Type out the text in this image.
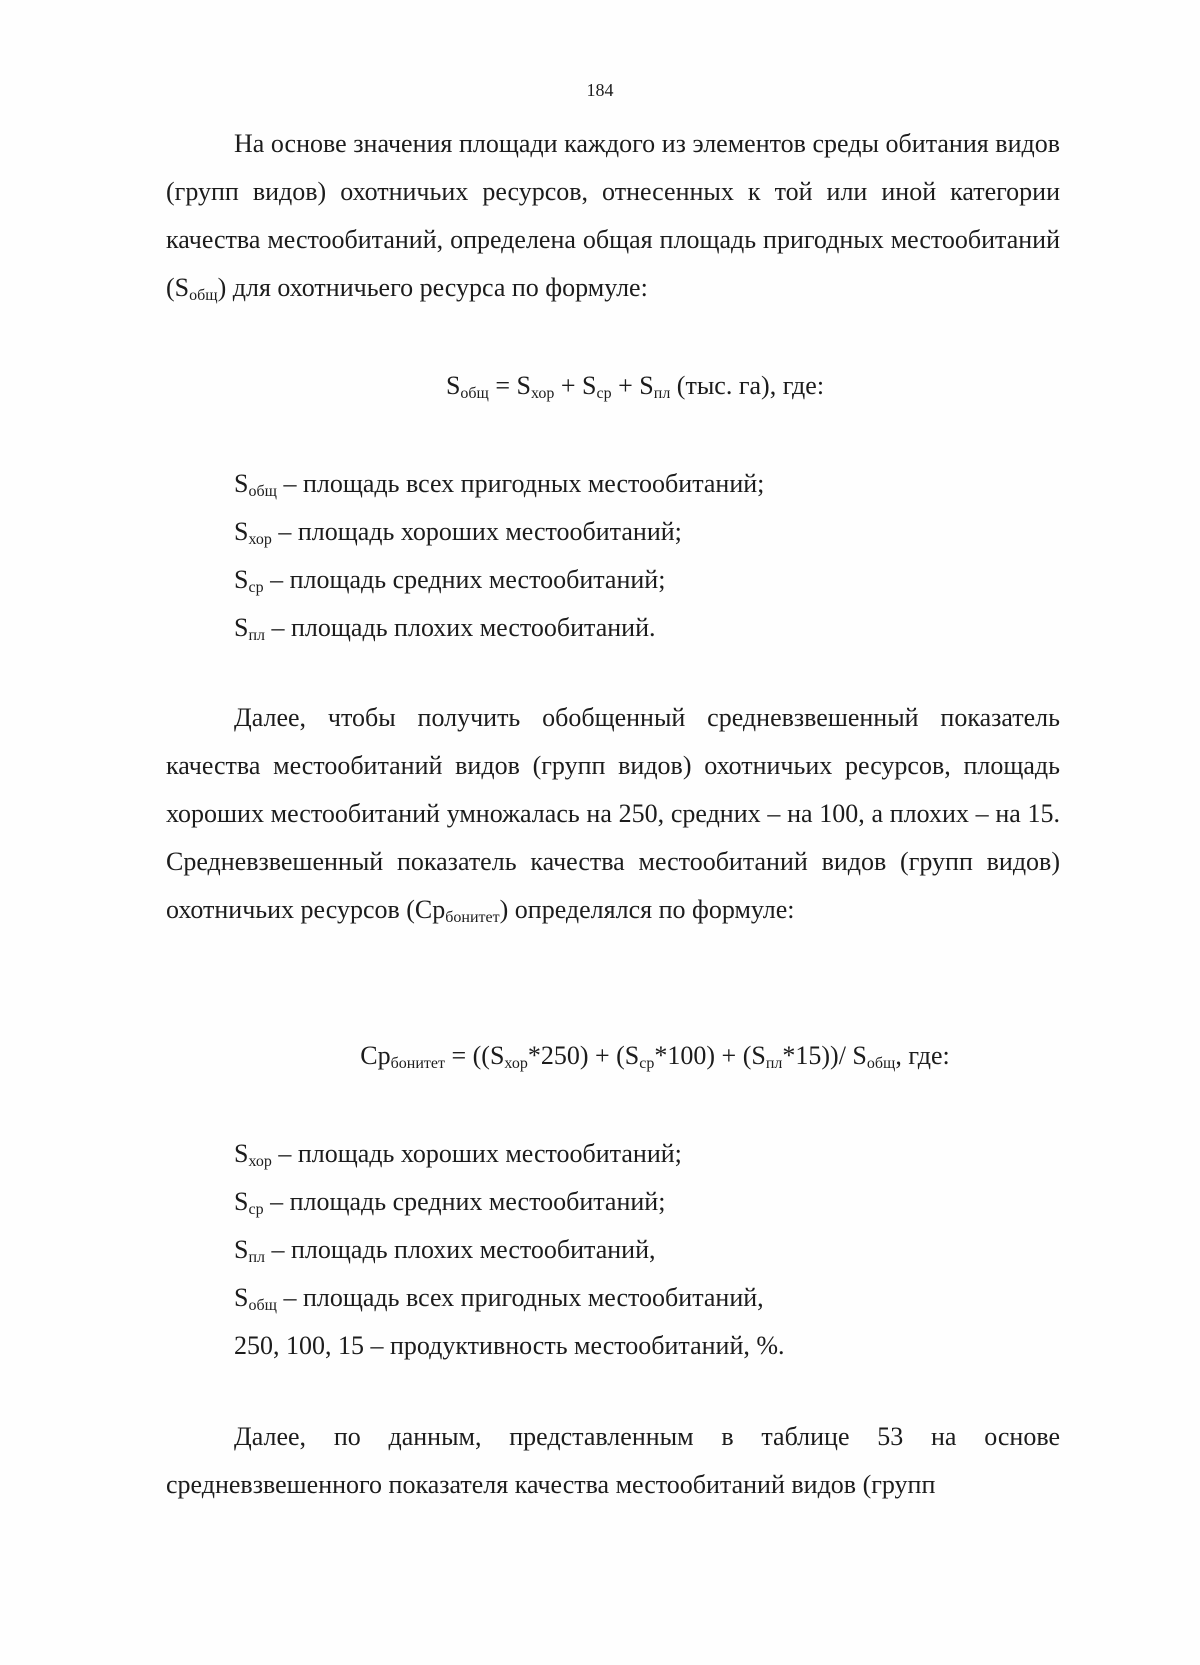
184

На основе значения площади каждого из элементов среды обитания видов (групп видов) охотничьих ресурсов, отнесенных к той или иной категории качества местообитаний, определена общая площадь пригодных местообитаний $(S_{общ})$ для охотничьего ресурса по формуле:

$S_{общ} = S_{хор} + S_{ср} + S_{пл}$ (тыс. га), где:

$S_{общ}$ – площадь всех пригодных местообитаний;
$S_{хор}$ – площадь хороших местообитаний;
$S_{ср}$ – площадь средних местообитаний;
$S_{пл}$ – площадь плохих местообитаний.

Далее, чтобы получить обобщенный средневзвешенный показатель качества местообитаний видов (групп видов) охотничьих ресурсов, площадь хороших местообитаний умножалась на 250, средних – на 100, а плохих – на 15. Средневзвешенный показатель качества местообитаний видов (групп видов) охотничьих ресурсов $(Ср_{бонитет})$ определялся по формуле:

$Ср_{бонитет} = ((S_{хор}*250) + (S_{ср}*100) + (S_{пл}*15))/$ $S_{общ}$, где:

$S_{хор}$ – площадь хороших местообитаний;
$S_{ср}$ – площадь средних местообитаний;
$S_{пл}$ – площадь плохих местообитаний,
$S_{общ}$ – площадь всех пригодных местообитаний,
250, 100, 15 – продуктивность местообитаний, %.

Далее, по данным, представленным в таблице 53 на основе средневзвешенного показателя качества местообитаний видов (групп
